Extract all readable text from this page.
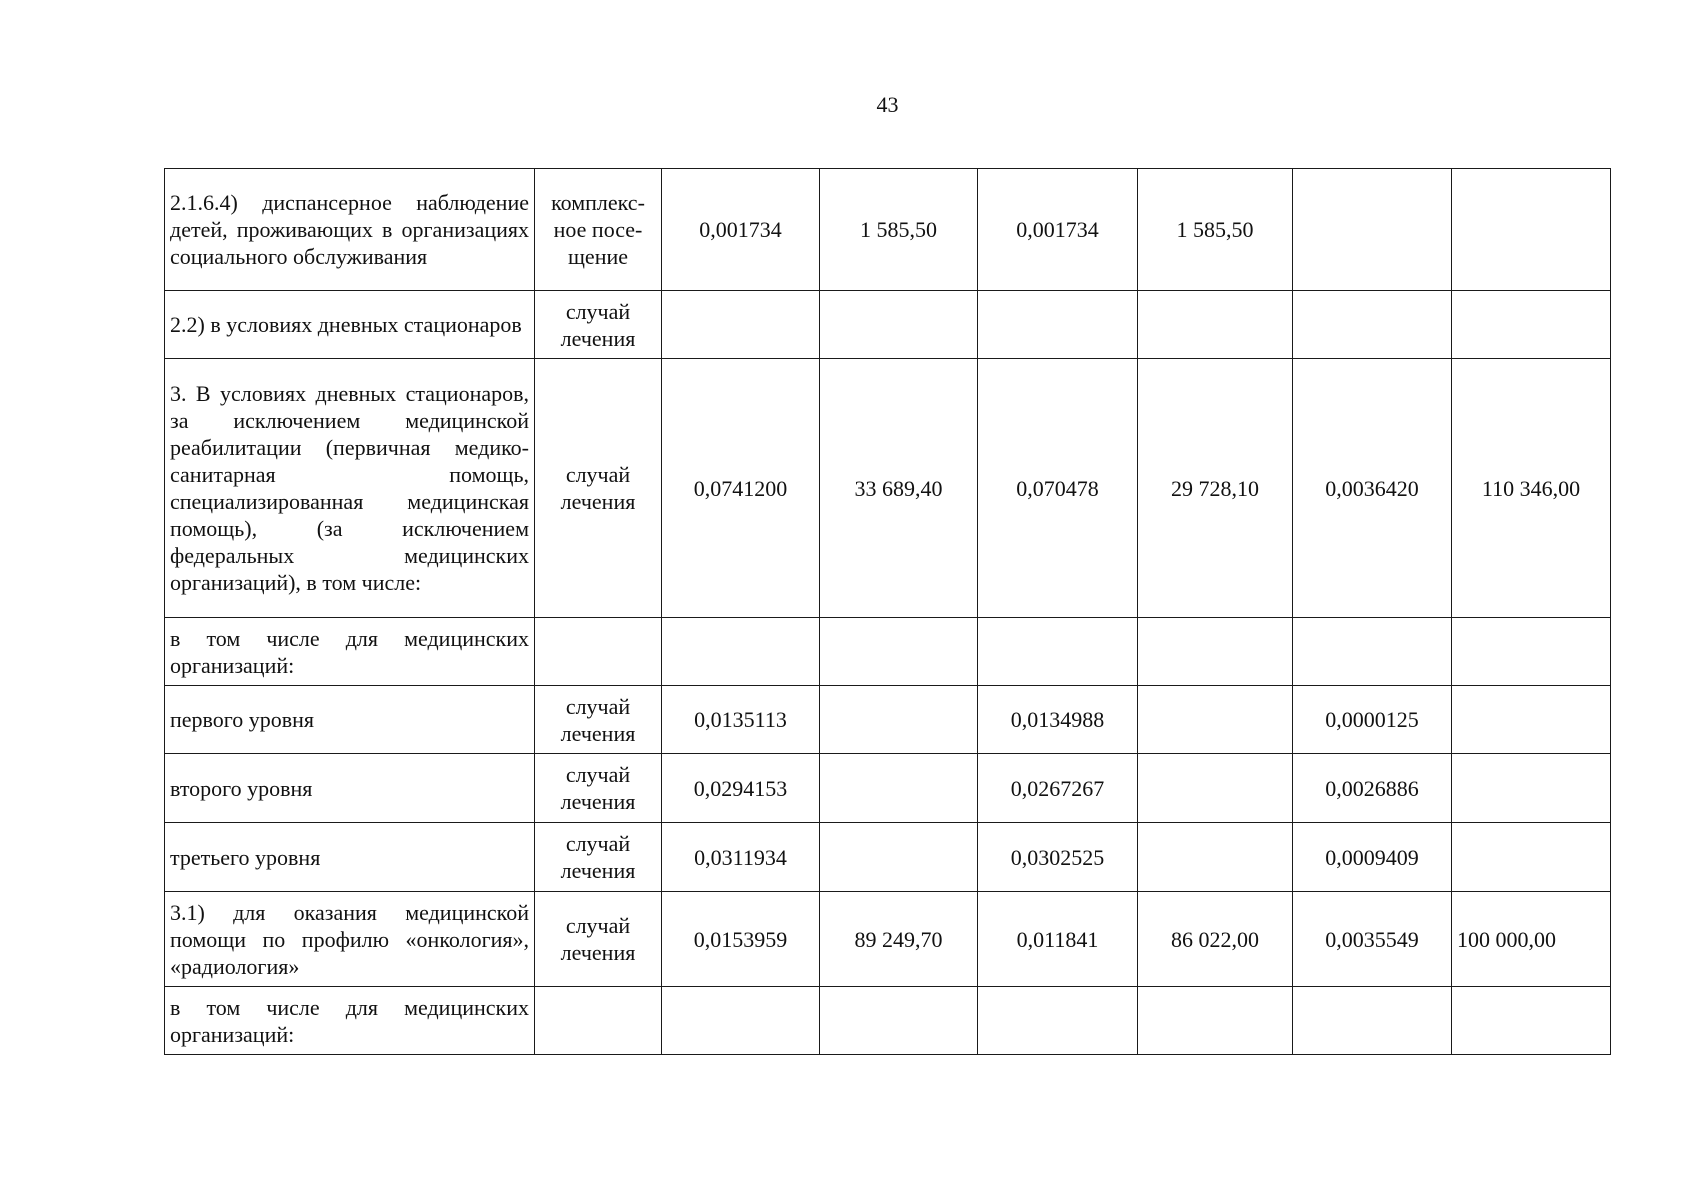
43
2.1.6.4) диспансерное наблюдение детей, проживающих в организациях социального обслуживания	комплекс-ное посе-щение	0,001734	1 585,50	0,001734	1 585,50		
2.2) в условиях дневных стационаров	случай лечения						
3. В условиях дневных стационаров, за исключением медицинской реабилитации (первичная медико-санитарная помощь, специализированная медицинская помощь), (за исключением федеральных медицинских организаций), в том числе:	случай лечения	0,0741200	33 689,40	0,070478	29 728,10	0,0036420	110 346,00
в том числе для медицинских организаций:							
первого уровня	случай лечения	0,0135113		0,0134988		0,0000125	
второго уровня	случай лечения	0,0294153		0,0267267		0,0026886	
третьего уровня	случай лечения	0,0311934		0,0302525		0,0009409	
3.1) для оказания медицинской помощи по профилю «онкология», «радиология»	случай лечения	0,0153959	89 249,70	0,011841	86 022,00	0,0035549	100 000,00
в том числе для медицинских организаций:							
